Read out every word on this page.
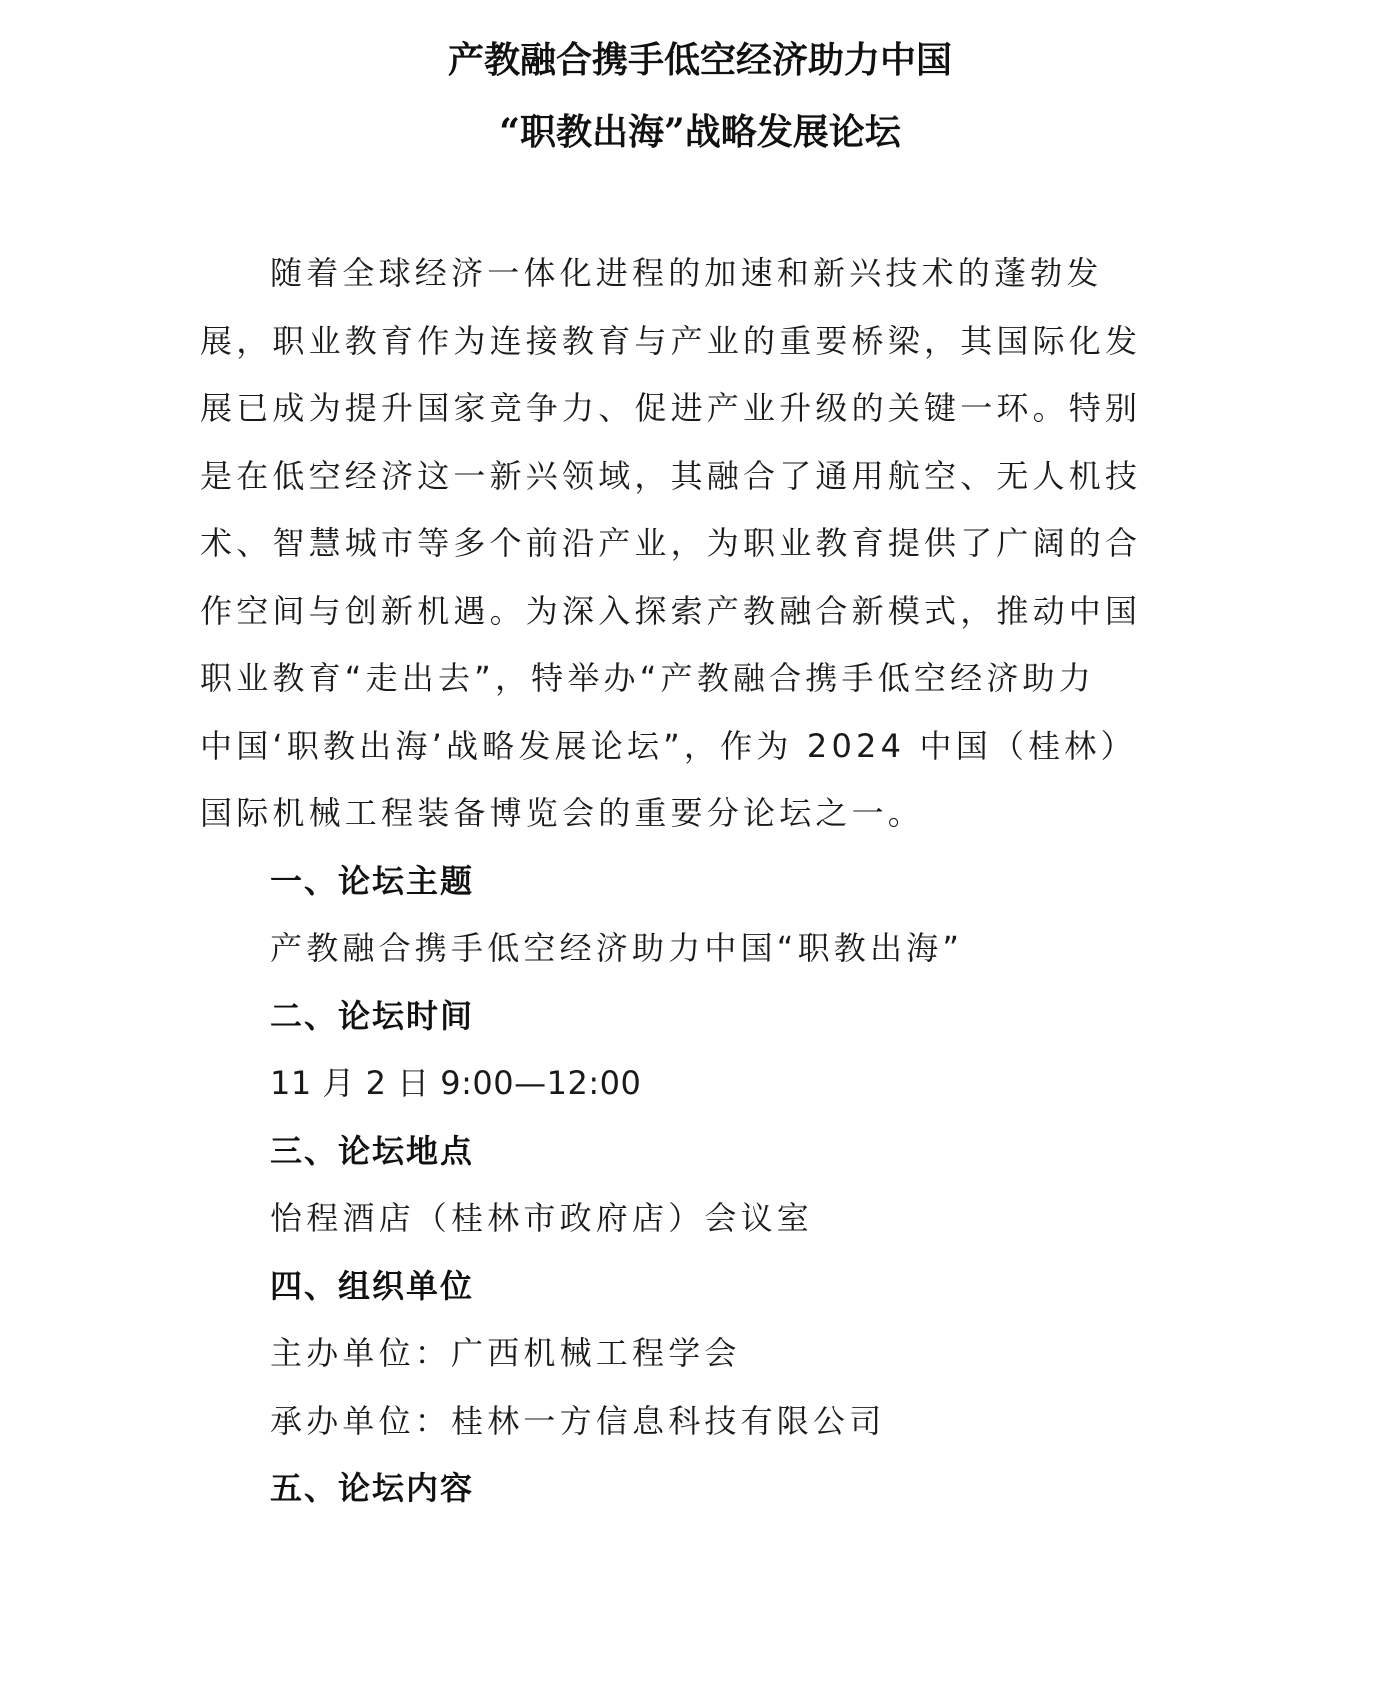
产教融合携手低空经济助力中国
“职教出海”战略发展论坛
随着全球经济一体化进程的加速和新兴技术的蓬勃发
展，职业教育作为连接教育与产业的重要桥梁，其国际化发
展已成为提升国家竞争力、促进产业升级的关键一环。特别
是在低空经济这一新兴领域，其融合了通用航空、无人机技
术、智慧城市等多个前沿产业，为职业教育提供了广阔的合
作空间与创新机遇。为深入探索产教融合新模式，推动中国
职业教育“走出去”，特举办“产教融合携手低空经济助力
中国‘职教出海’战略发展论坛”，作为 2024 中国（桂林）
国际机械工程装备博览会的重要分论坛之一。
一、论坛主题
产教融合携手低空经济助力中国“职教出海”
二、论坛时间
11 月 2 日 9:00—12:00
三、论坛地点
怡程酒店（桂林市政府店）会议室
四、组织单位
主办单位：广西机械工程学会
承办单位：桂林一方信息科技有限公司
五、论坛内容
